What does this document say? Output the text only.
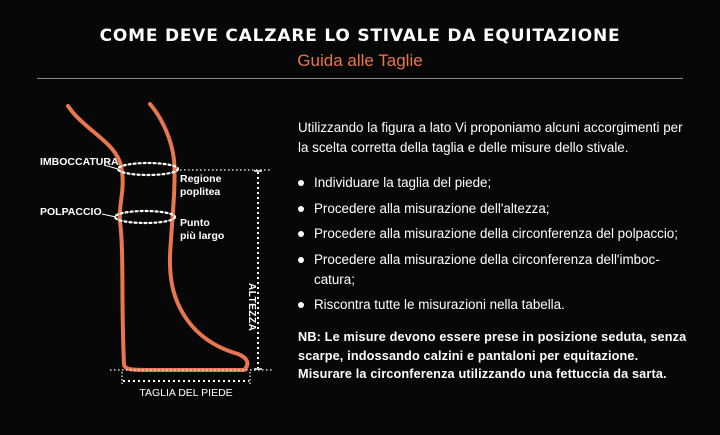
COME DEVE CALZARE LO STIVALE DA EQUITAZIONE
Guida alle Taglie
IMBOCCATURA
POLPACCIO
Regione
poplitea
Punto
più largo
ALTEZZA
TAGLIA DEL PIEDE

Utilizzando la figura a lato Vi proponiamo alcuni accorgimenti per la scelta corretta della taglia e delle misure dello stivale.

Individuare la taglia del piede;
Procedere alla misurazione dell'altezza;
Procedere alla misurazione della circonferenza del polpaccio;
Procedere alla misurazione della circonferenza dell'imboccatura;
Riscontra tutte le misurazioni nella tabella.

NB: Le misure devono essere prese in posizione seduta, senza scarpe, indossando calzini e pantaloni per equitazione. Misurare la circonferenza utilizzando una fettuccia da sarta.
